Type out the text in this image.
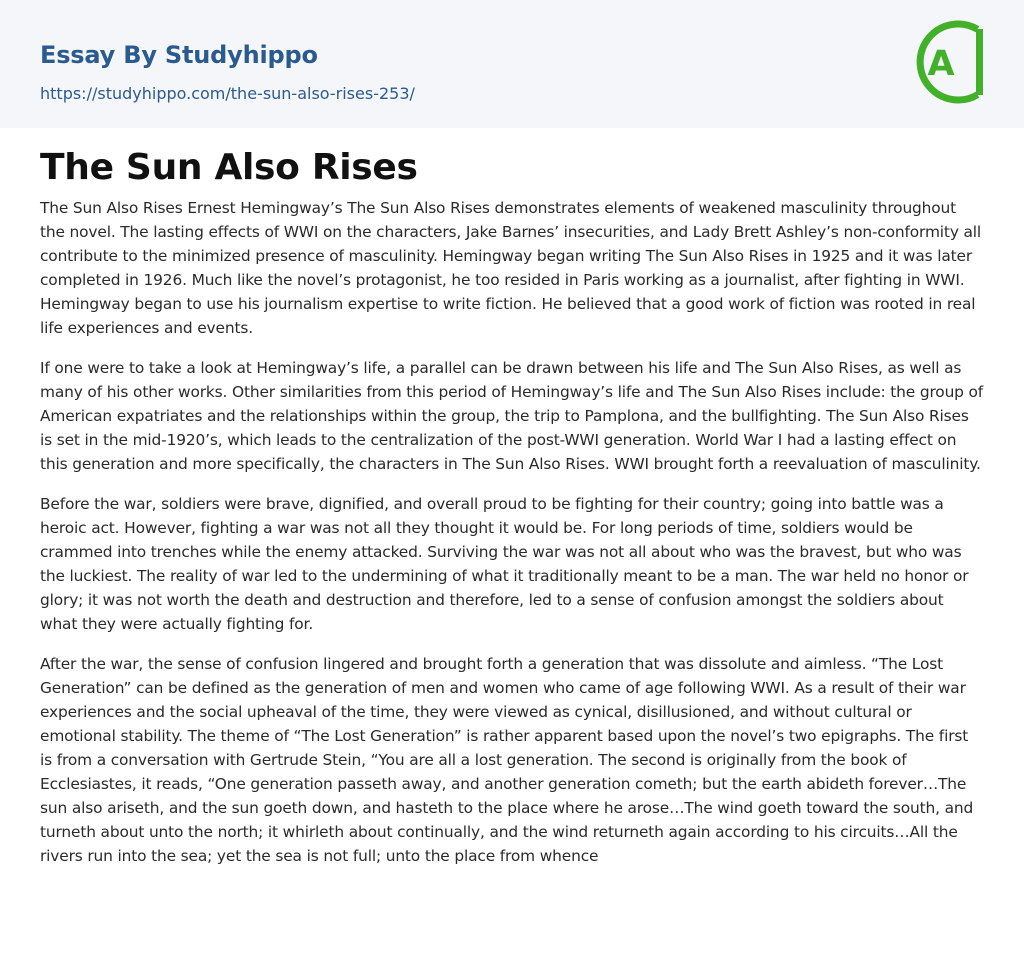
Essay By Studyhippo
https://studyhippo.com/the-sun-also-rises-253/
A
The Sun Also Rises

The Sun Also Rises Ernest Hemingway’s The Sun Also Rises demonstrates elements of weakened masculinity throughout the novel. The lasting effects of WWI on the characters, Jake Barnes’ insecurities, and Lady Brett Ashley’s non-conformity all contribute to the minimized presence of masculinity. Hemingway began writing The Sun Also Rises in 1925 and it was later completed in 1926. Much like the novel’s protagonist, he too resided in Paris working as a journalist, after fighting in WWI. Hemingway began to use his journalism expertise to write fiction. He believed that a good work of fiction was rooted in real life experiences and events.

If one were to take a look at Hemingway’s life, a parallel can be drawn between his life and The Sun Also Rises, as well as many of his other works. Other similarities from this period of Hemingway’s life and The Sun Also Rises include: the group of American expatriates and the relationships within the group, the trip to Pamplona, and the bullfighting. The Sun Also Rises is set in the mid-1920’s, which leads to the centralization of the post-WWI generation. World War I had a lasting effect on this generation and more specifically, the characters in The Sun Also Rises. WWI brought forth a reevaluation of masculinity.

Before the war, soldiers were brave, dignified, and overall proud to be fighting for their country; going into battle was a heroic act. However, fighting a war was not all they thought it would be. For long periods of time, soldiers would be crammed into trenches while the enemy attacked. Surviving the war was not all about who was the bravest, but who was the luckiest. The reality of war led to the undermining of what it traditionally meant to be a man. The war held no honor or glory; it was not worth the death and destruction and therefore, led to a sense of confusion amongst the soldiers about what they were actually fighting for.

After the war, the sense of confusion lingered and brought forth a generation that was dissolute and aimless. “The Lost Generation” can be defined as the generation of men and women who came of age following WWI. As a result of their war experiences and the social upheaval of the time, they were viewed as cynical, disillusioned, and without cultural or emotional stability. The theme of “The Lost Generation” is rather apparent based upon the novel’s two epigraphs. The first is from a conversation with Gertrude Stein, “You are all a lost generation. The second is originally from the book of Ecclesiastes, it reads, “One generation passeth away, and another generation cometh; but the earth abideth forever…The sun also ariseth, and the sun goeth down, and hasteth to the place where he arose…The wind goeth toward the south, and turneth about unto the north; it whirleth about continually, and the wind returneth again according to his circuits…All the rivers run into the sea; yet the sea is not full; unto the place from whence
